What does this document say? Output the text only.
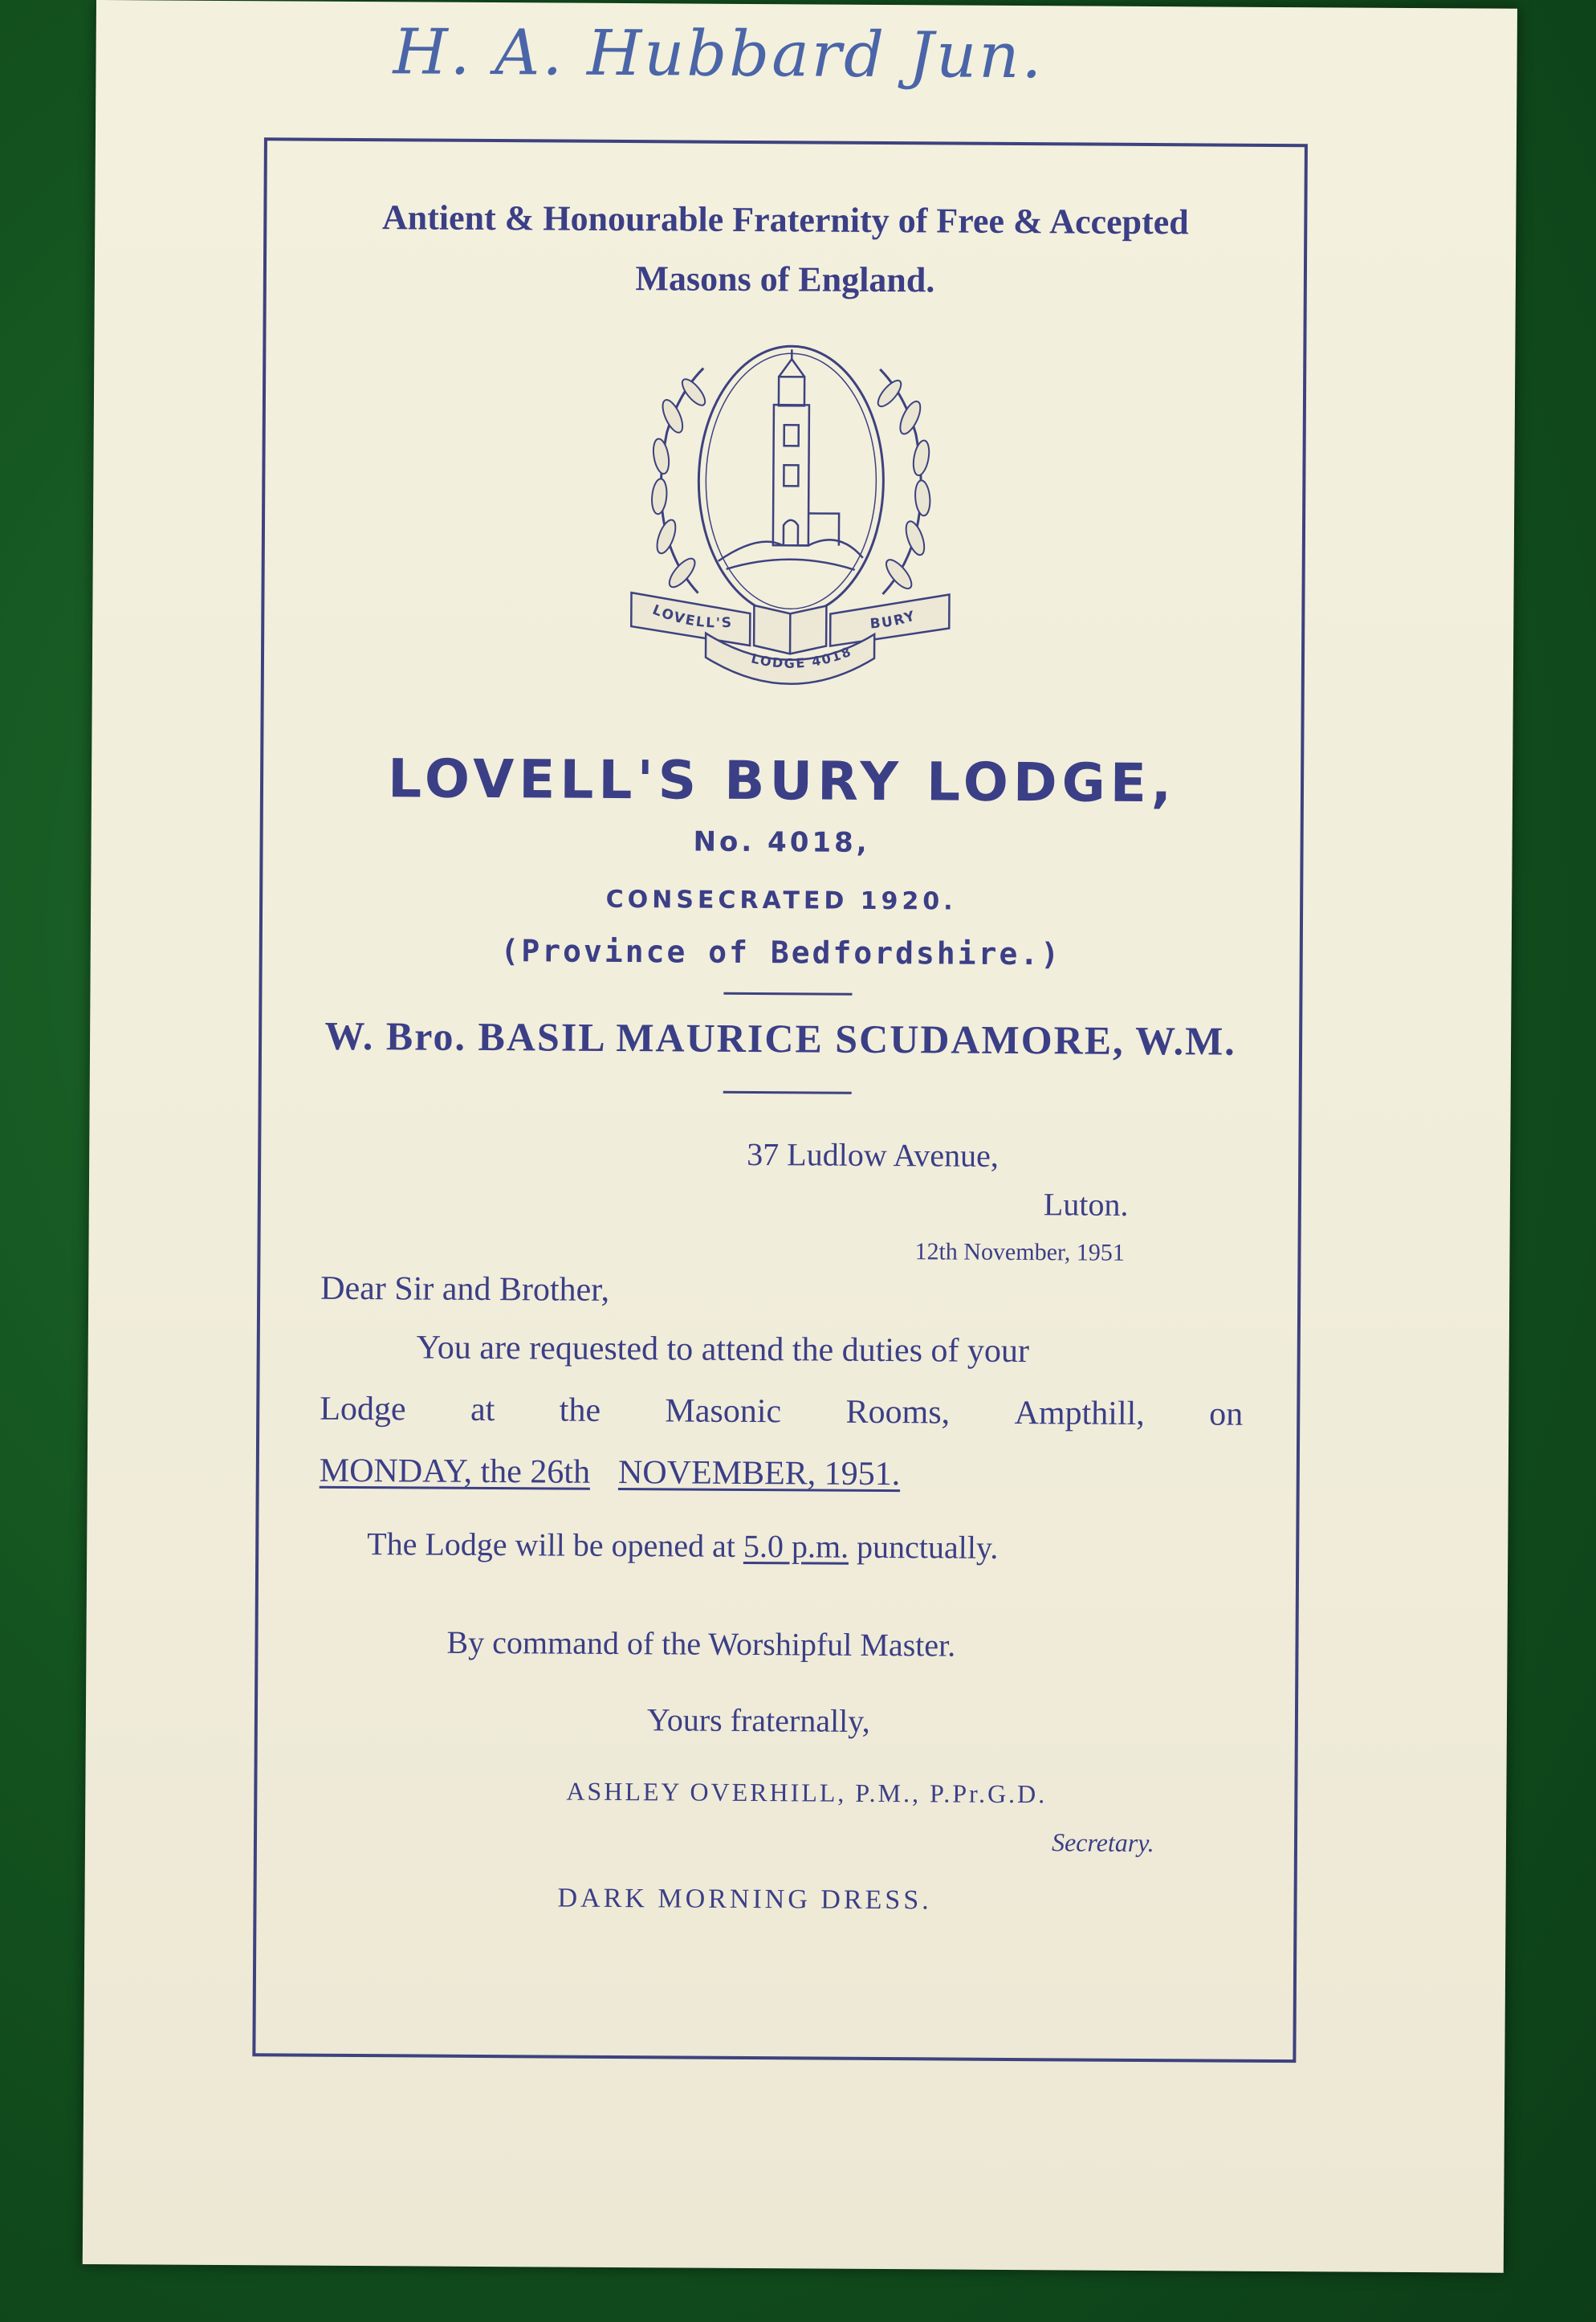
H. A. Hubbard Jun.
Antient & Honourable Fraternity of Free & Accepted
Masons of England.
LOVELL'S	BURY
LODGE 4018
LOVELL'S BURY LODGE,
No. 4018,
CONSECRATED 1920.
(Province of Bedfordshire.)
W. Bro. BASIL MAURICE SCUDAMORE, W.M.
37 Ludlow Avenue,
Luton.
12th November, 1951
Dear Sir and Brother,
You are requested to attend the duties of your
Lodge at the Masonic Rooms, Ampthill, on
MONDAY, the 26th NOVEMBER, 1951.
The Lodge will be opened at 5.0 p.m. punctually.
By command of the Worshipful Master.
Yours fraternally,
ASHLEY OVERHILL, P.M., P.Pr.G.D.
Secretary.
DARK MORNING DRESS.
